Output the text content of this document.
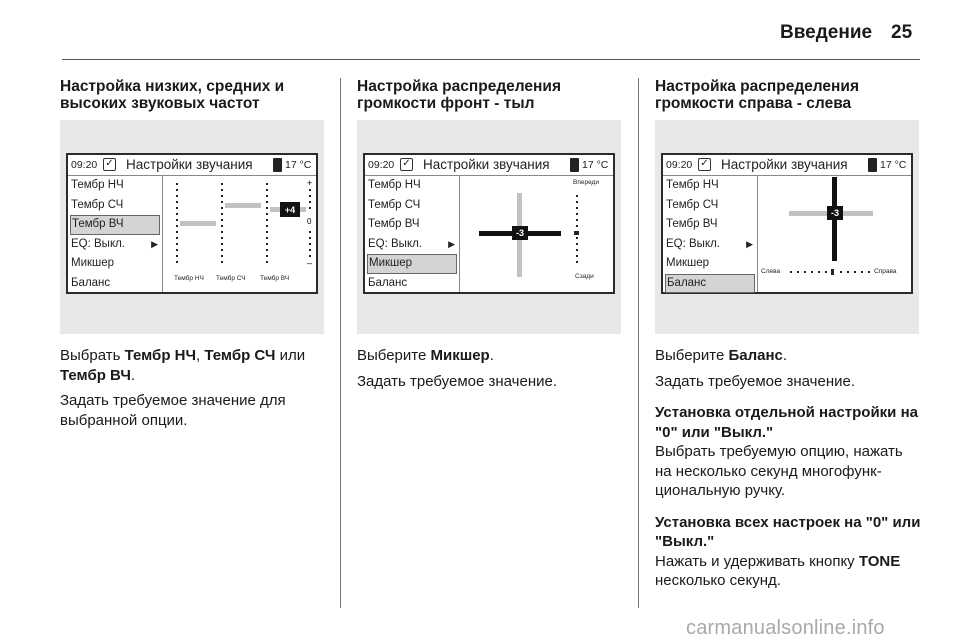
Введение 25
Настройка низких, средних и высоких звуковых частот
09:20 ✓ Настройки звучания	17 °C
Тембр НЧ
Тембр СЧ
Тембр ВЧ
EQ: Выкл.	▶
Микшер
Баланс
+4
+
0
–
Тембр НЧ Тембр СЧ Тембр ВЧ
Выбрать Тембр НЧ, Тембр СЧ или Тембр ВЧ.
Задать требуемое значение для выбранной опции.
Настройка распределения громкости фронт - тыл
09:20 ✓ Настройки звучания	17 °C
Тембр НЧ
Тембр СЧ
Тембр ВЧ
EQ: Выкл.	▶
Микшер
Баланс
-3
Впереди
Сзади
Выберите Микшер.
Задать требуемое значение.
Настройка распределения громкости справа - слева
09:20 ✓ Настройки звучания	17 °C
Тембр НЧ
Тембр СЧ
Тембр ВЧ
EQ: Выкл.	▶
Микшер
Баланс
-3
Слева	Справа
Выберите Баланс.
Задать требуемое значение.
Установка отдельной настройки на "0" или "Выкл."
Выбрать требуемую опцию, нажать на несколько секунд многофунк-циональную ручку.
Установка всех настроек на "0" или "Выкл."
Нажать и удерживать кнопку TONE несколько секунд.
carmanualsonline.info
